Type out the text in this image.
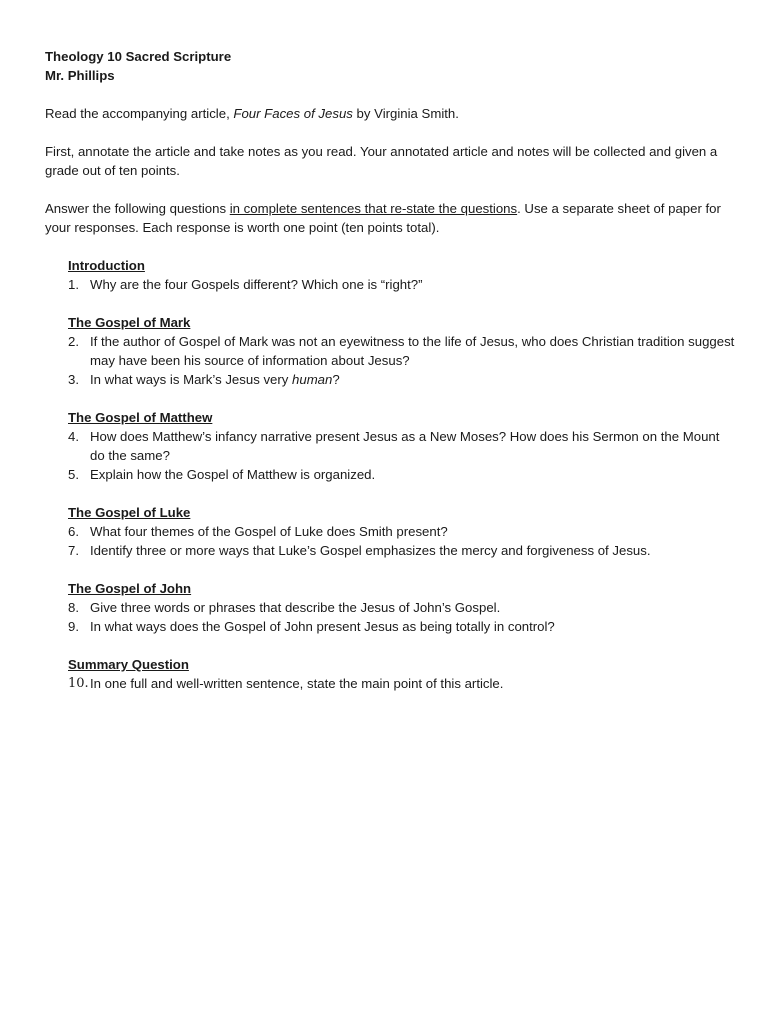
Theology 10 Sacred Scripture

Mr. Phillips

Read the accompanying article, Four Faces of Jesus by Virginia Smith.

First, annotate the article and take notes as you read. Your annotated article and notes will be collected and given a grade out of ten points.

Answer the following questions in complete sentences that re-state the questions. Use a separate sheet of paper for your responses. Each response is worth one point (ten points total).

Introduction

1. Why are the four Gospels different? Which one is “right?”

The Gospel of Mark

2. If the author of Gospel of Mark was not an eyewitness to the life of Jesus, who does Christian tradition suggest may have been his source of information about Jesus?
3. In what ways is Mark’s Jesus very human?

The Gospel of Matthew

4. How does Matthew’s infancy narrative present Jesus as a New Moses? How does his Sermon on the Mount do the same?
5. Explain how the Gospel of Matthew is organized.

The Gospel of Luke

6. What four themes of the Gospel of Luke does Smith present?
7. Identify three or more ways that Luke’s Gospel emphasizes the mercy and forgiveness of Jesus.

The Gospel of John

8. Give three words or phrases that describe the Jesus of John’s Gospel.
9. In what ways does the Gospel of John present Jesus as being totally in control?

Summary Question

10. In one full and well-written sentence, state the main point of this article.
